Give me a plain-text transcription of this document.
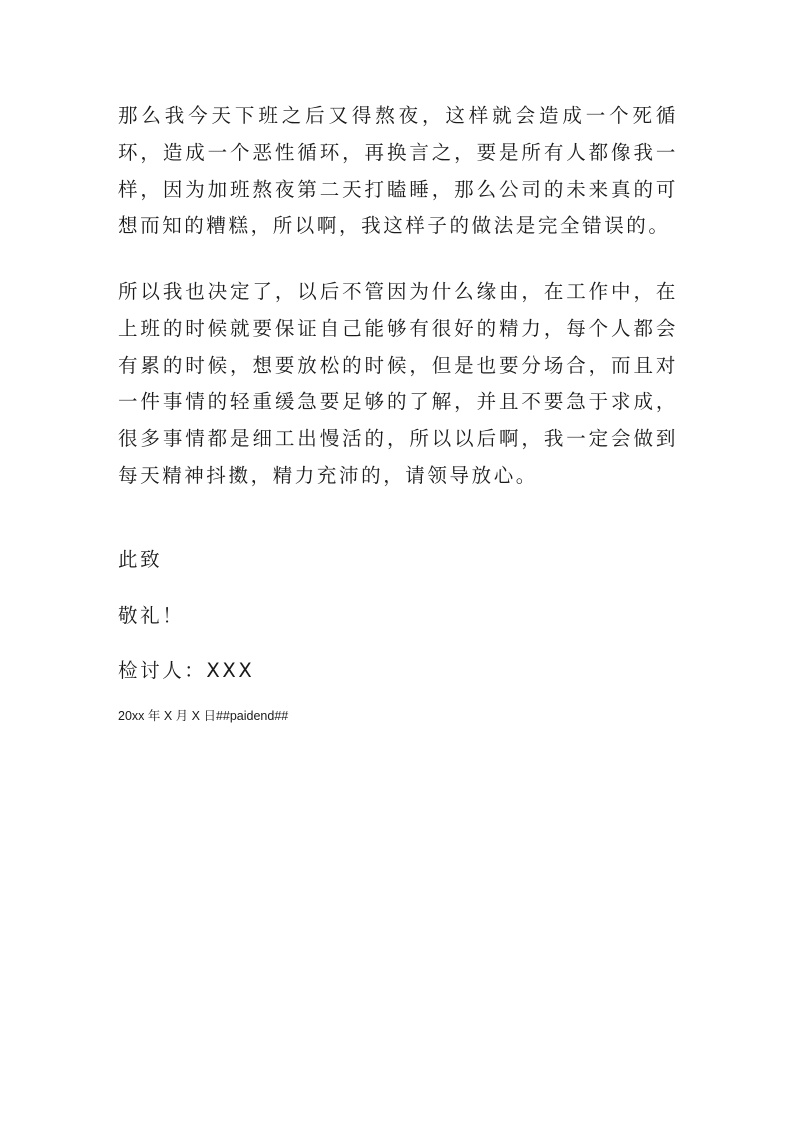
那么我今天下班之后又得熬夜，这样就会造成一个死循环，造成一个恶性循环，再换言之，要是所有人都像我一样，因为加班熬夜第二天打瞌睡，那么公司的未来真的可想而知的糟糕，所以啊，我这样子的做法是完全错误的。

所以我也决定了，以后不管因为什么缘由，在工作中，在上班的时候就要保证自己能够有很好的精力，每个人都会有累的时候，想要放松的时候，但是也要分场合，而且对一件事情的轻重缓急要足够的了解，并且不要急于求成，很多事情都是细工出慢活的，所以以后啊，我一定会做到每天精神抖擞，精力充沛的，请领导放心。

此致

敬礼！

检讨人：XXX

20xx 年 X 月 X 日##paidend##
